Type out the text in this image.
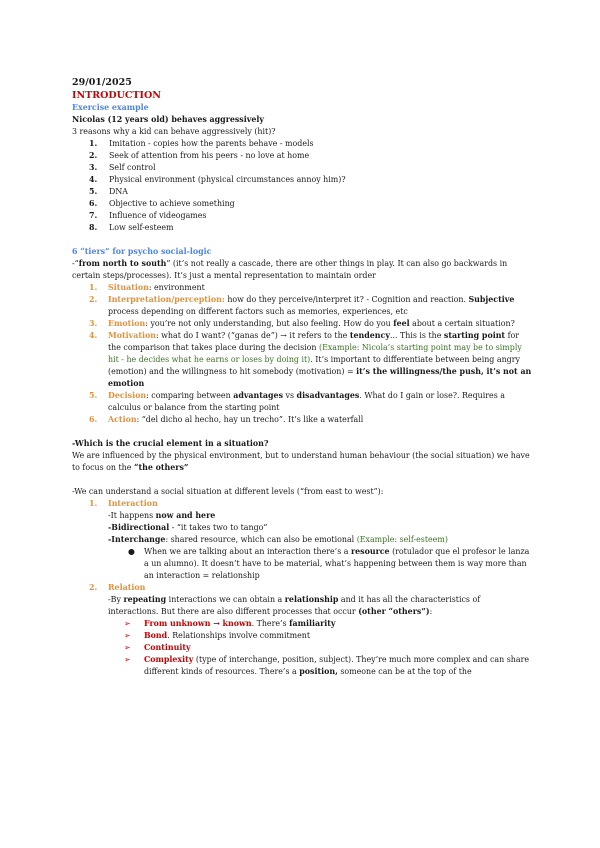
29/01/2025
INTRODUCTION
Exercise example
Nicolas (12 years old) behaves aggressively
3 reasons why a kid can behave aggressively (hit)?
1. Imitation - copies how the parents behave - models
2. Seek of attention from his peers - no love at home
3. Self control
4. Physical environment (physical circumstances annoy him)?
5. DNA
6. Objective to achieve something
7. Influence of videogames
8. Low self-esteem
6 “tiers” for psycho social-logic
-“from north to south” (it’s not really a cascade, there are other things in play. It can also go backwards in certain steps/processes). It’s just a mental representation to maintain order
1. Situation: environment
2. Interpretation/perception: how do they perceive/interpret it? - Cognition and reaction. Subjective process depending on different factors such as memories, experiences, etc
3. Emotion: you’re not only understanding, but also feeling. How do you feel about a certain situation?
4. Motivation: what do I want? (“ganas de”) → it refers to the tendency... This is the starting point for the comparison that takes place during the decision (Example: Nicola’s starting point may be to simply hit - he decides what he earns or loses by doing it). It’s important to differentiate between being angry (emotion) and the willingness to hit somebody (motivation) = it’s the willingness/the push, it’s not an emotion
5. Decision: comparing between advantages vs disadvantages. What do I gain or lose?. Requires a calculus or balance from the starting point
6. Action: “del dicho al hecho, hay un trecho”. It’s like a waterfall
-Which is the crucial element in a situation?
We are influenced by the physical environment, but to understand human behaviour (the social situation) we have to focus on the “the others”
-We can understand a social situation at different levels (“from east to west”):
1. Interaction
-It happens now and here
-Bidirectional - “it takes two to tango”
-Interchange: shared resource, which can also be emotional (Example: self-esteem)
● When we are talking about an interaction there’s a resource (rotulador que el profesor le lanza a un alumno). It doesn’t have to be material, what’s happening between them is way more than an interaction = relationship
2. Relation
-By repeating interactions we can obtain a relationship and it has all the characteristics of interactions. But there are also different processes that occur (other “others”):
➢ From unknown → known. There’s familiarity
➢ Bond. Relationships involve commitment
➢ Continuity
➢ Complexity (type of interchange, position, subject). They’re much more complex and can share different kinds of resources. There’s a position, someone can be at the top of the
